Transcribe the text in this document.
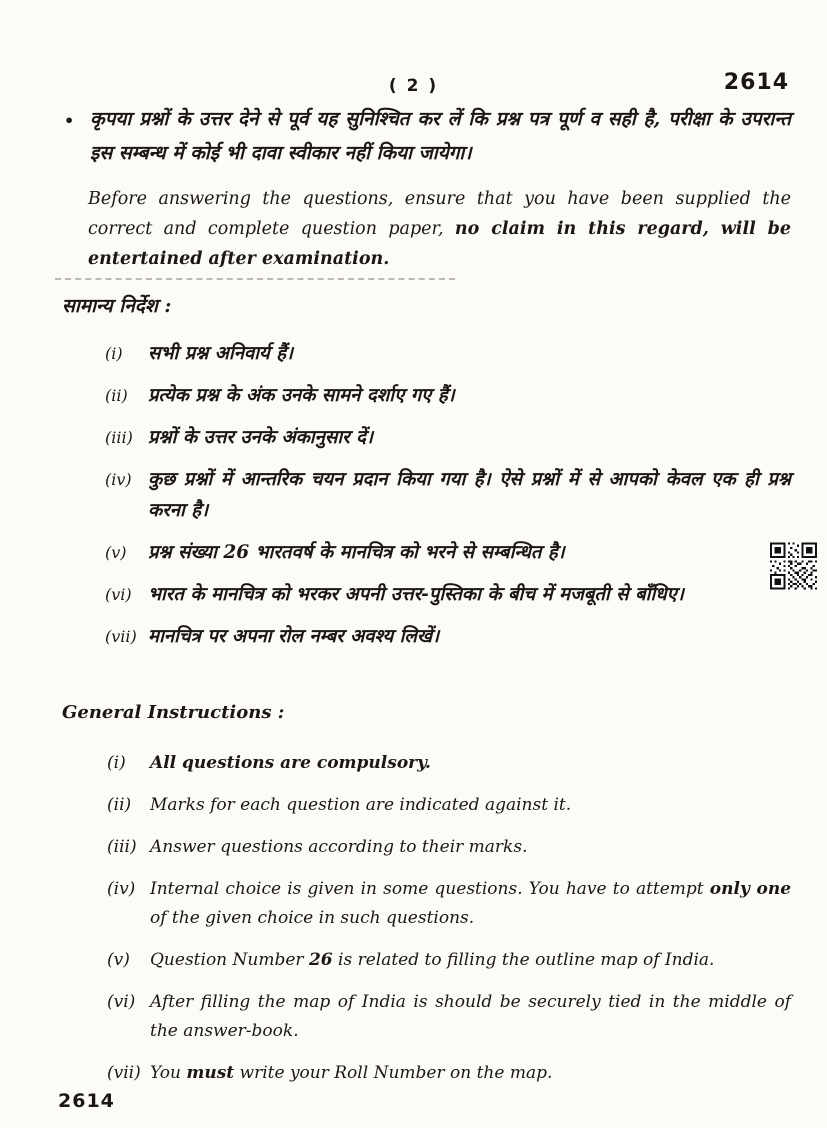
( 2 )	2614
• कृपया प्रश्नों के उत्तर देने से पूर्व यह सुनिश्चित कर लें कि प्रश्न पत्र पूर्ण व सही है, परीक्षा के उपरान्त इस सम्बन्ध में कोई भी दावा स्वीकार नहीं किया जायेगा।
Before answering the questions, ensure that you have been supplied the correct and complete question paper, no claim in this regard, will be entertained after examination.
सामान्य निर्देश :
(i)	सभी प्रश्न अनिवार्य हैं।
(ii)	प्रत्येक प्रश्न के अंक उनके सामने दर्शाए गए हैं।
(iii) प्रश्नों के उत्तर उनके अंकानुसार दें।
(iv) कुछ प्रश्नों में आन्तरिक चयन प्रदान किया गया है। ऐसे प्रश्नों में से आपको केवल एक ही प्रश्न करना है।
(v)	प्रश्न संख्या 26 भारतवर्ष के मानचित्र को भरने से सम्बन्धित है।
(vi) भारत के मानचित्र को भरकर अपनी उत्तर-पुस्तिका के बीच में मजबूती से बाँधिए।
(vii) मानचित्र पर अपना रोल नम्बर अवश्य लिखें।
General Instructions :
(i)	All questions are compulsory.
(ii)	Marks for each question are indicated against it.
(iii) Answer questions according to their marks.
(iv) Internal choice is given in some questions. You have to attempt only one of the given choice in such questions.
(v)	Question Number 26 is related to filling the outline map of India.
(vi) After filling the map of India is should be securely tied in the middle of the answer-book.
(vii) You must write your Roll Number on the map.
2614
